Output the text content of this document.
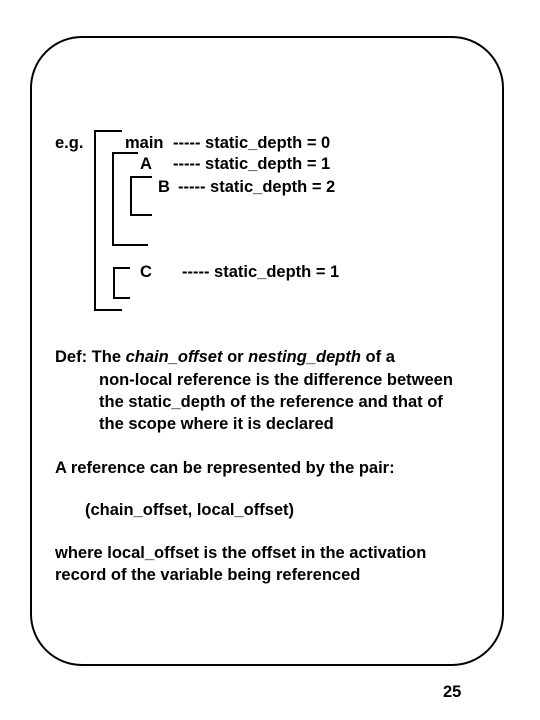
e.g.	main ----- static_depth = 0
A ----- static_depth = 1
B ----- static_depth = 2
C ----- static_depth = 1
Def: The chain_offset or nesting_depth of a
non-local reference is the difference between
the static_depth of the reference and that of
the scope where it is declared
A reference can be represented by the pair:
(chain_offset, local_offset)
where local_offset is the offset in the activation
record of the variable being referenced
25
